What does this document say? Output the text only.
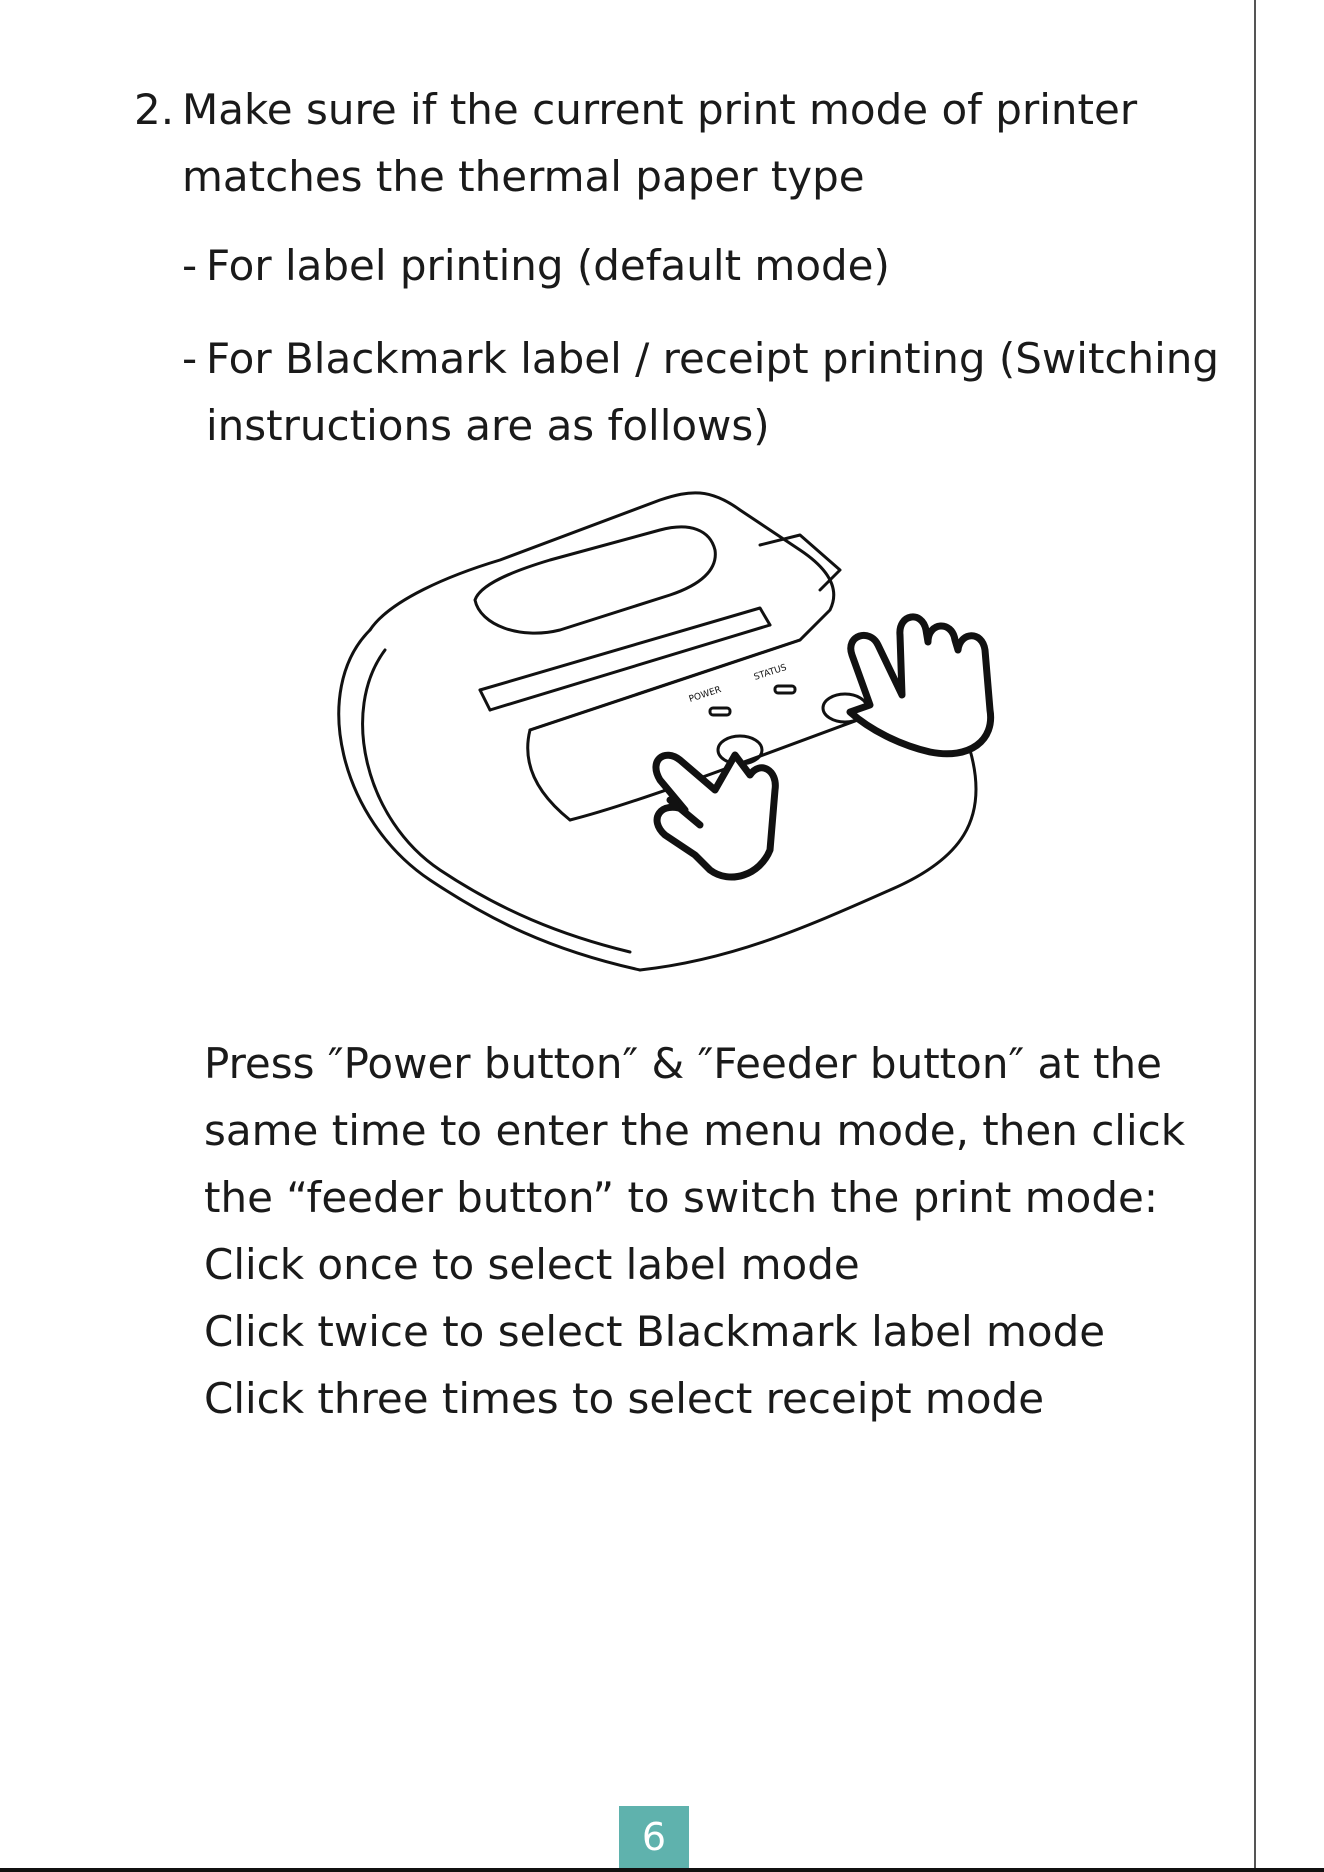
2. Make sure if the current print mode of printer matches the thermal paper type
- For label printing (default mode)
- For Blackmark label / receipt printing (Switching instructions are as follows)
POWER
STATUS
Press ″Power button″ & ″Feeder button″ at the
same time to enter the menu mode, then click
the “feeder button” to switch the print mode:
Click once to select label mode
Click twice to select Blackmark label mode
Click three times to select receipt mode
6
